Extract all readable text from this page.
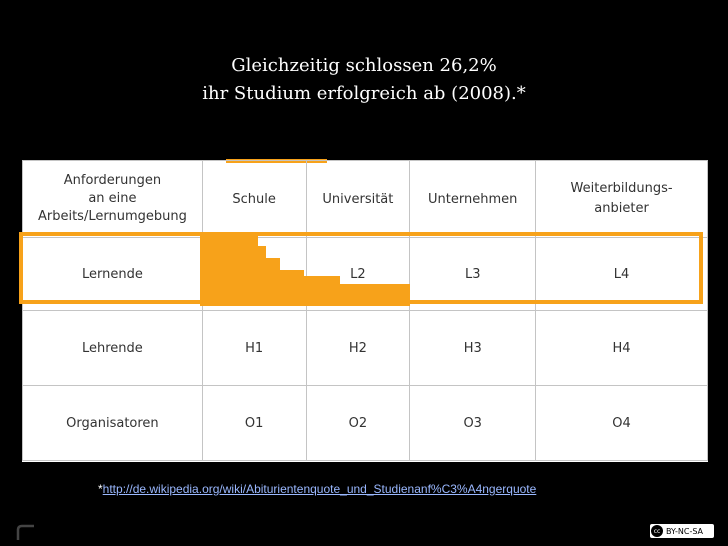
Gleichzeitig schlossen 26,2%
ihr Studium erfolgreich ab (2008).*
Anforderungen
an eine
Arbeits/Lernumgebung	Schule	Universität	Unternehmen	Weiterbildungs-anbieter
Lernende		L2	L3	L4
Lehrende	H1	H2	H3	H4
Organisatoren	O1	O2	O3	O4
*http://de.wikipedia.org/wiki/Abiturientenquote_und_Studienanf%C3%A4ngerquote
cc BY-NC-SA
